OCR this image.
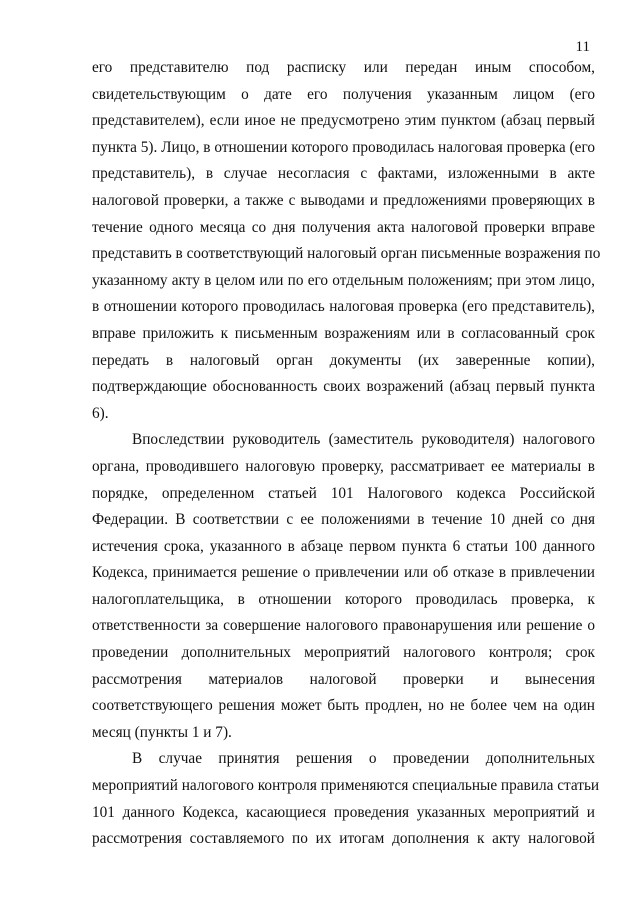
11
его представителю под расписку или передан иным способом,
свидетельствующим о дате его получения указанным лицом (его
представителем), если иное не предусмотрено этим пунктом (абзац первый
пункта 5). Лицо, в отношении которого проводилась налоговая проверка (его
представитель), в случае несогласия с фактами, изложенными в акте
налоговой проверки, а также с выводами и предложениями проверяющих в
течение одного месяца со дня получения акта налоговой проверки вправе
представить в соответствующий налоговый орган письменные возражения по
указанному акту в целом или по его отдельным положениям; при этом лицо,
в отношении которого проводилась налоговая проверка (его представитель),
вправе приложить к письменным возражениям или в согласованный срок
передать в налоговый орган документы (их заверенные копии),
подтверждающие обоснованность своих возражений (абзац первый пункта
6).
Впоследствии руководитель (заместитель руководителя) налогового
органа, проводившего налоговую проверку, рассматривает ее материалы в
порядке, определенном статьей 101 Налогового кодекса Российской
Федерации. В соответствии с ее положениями в течение 10 дней со дня
истечения срока, указанного в абзаце первом пункта 6 статьи 100 данного
Кодекса, принимается решение о привлечении или об отказе в привлечении
налогоплательщика, в отношении которого проводилась проверка, к
ответственности за совершение налогового правонарушения или решение о
проведении дополнительных мероприятий налогового контроля; срок
рассмотрения материалов налоговой проверки и вынесения
соответствующего решения может быть продлен, но не более чем на один
месяц (пункты 1 и 7).
В случае принятия решения о проведении дополнительных
мероприятий налогового контроля применяются специальные правила статьи
101 данного Кодекса, касающиеся проведения указанных мероприятий и
рассмотрения составляемого по их итогам дополнения к акту налоговой
